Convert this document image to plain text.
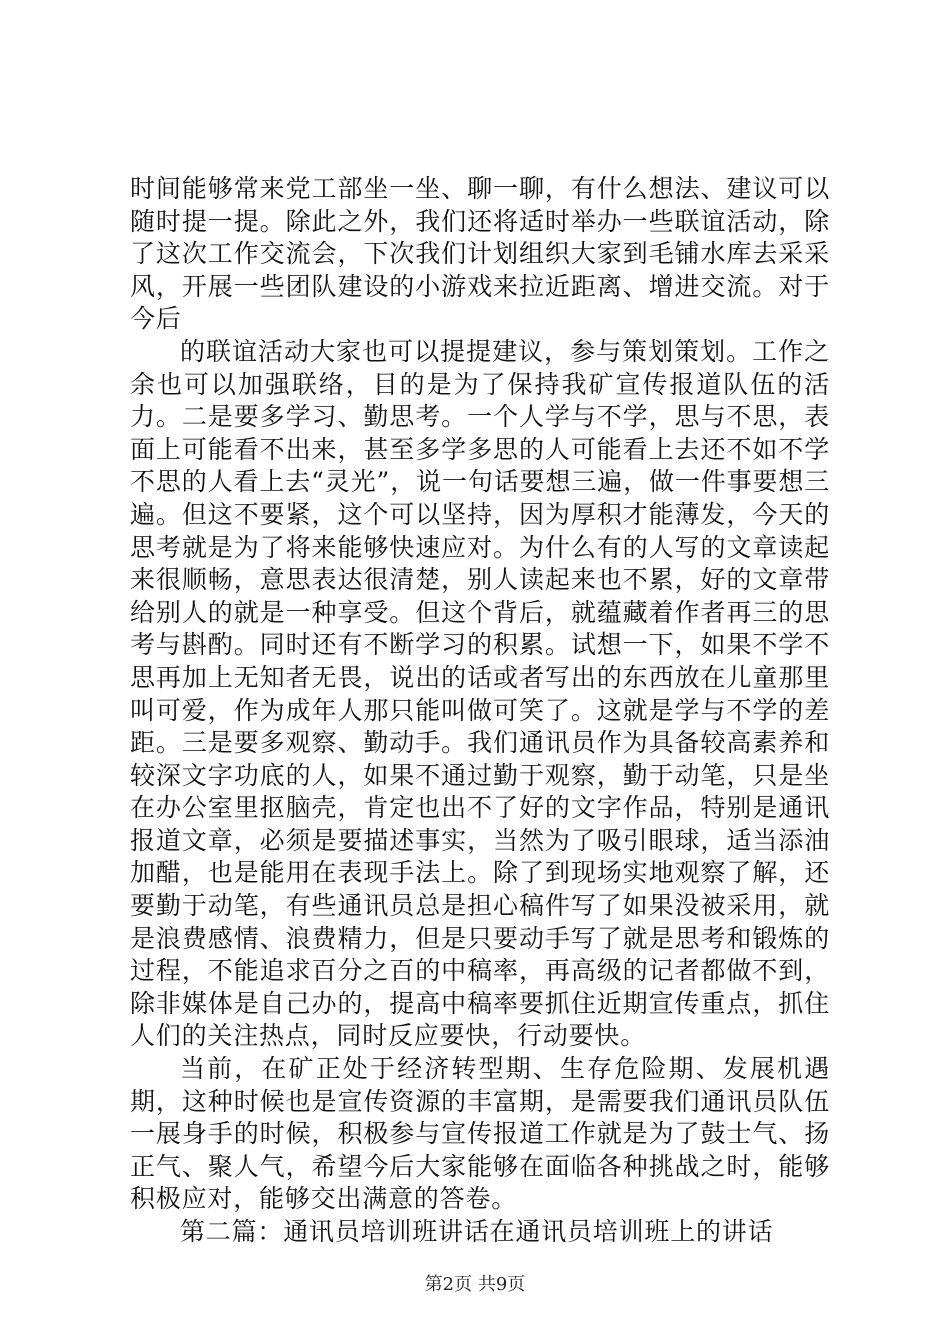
时间能够常来党工部坐一坐、聊一聊，有什么想法、建议可以随时提一提。除此之外，我们还将适时举办一些联谊活动，除了这次工作交流会，下次我们计划组织大家到毛铺水库去采采风，开展一些团队建设的小游戏来拉近距离、增进交流。对于今后

的联谊活动大家也可以提提建议，参与策划策划。工作之余也可以加强联络，目的是为了保持我矿宣传报道队伍的活力。二是要多学习、勤思考。一个人学与不学，思与不思，表面上可能看不出来，甚至多学多思的人可能看上去还不如不学不思的人看上去“灵光”，说一句话要想三遍，做一件事要想三遍。但这不要紧，这个可以坚持，因为厚积才能薄发，今天的思考就是为了将来能够快速应对。为什么有的人写的文章读起来很顺畅，意思表达很清楚，别人读起来也不累，好的文章带给别人的就是一种享受。但这个背后，就蕴藏着作者再三的思考与斟酌。同时还有不断学习的积累。试想一下，如果不学不思再加上无知者无畏，说出的话或者写出的东西放在儿童那里叫可爱，作为成年人那只能叫做可笑了。这就是学与不学的差距。三是要多观察、勤动手。我们通讯员作为具备较高素养和较深文字功底的人，如果不通过勤于观察，勤于动笔，只是坐在办公室里抠脑壳，肯定也出不了好的文字作品，特别是通讯报道文章，必须是要描述事实，当然为了吸引眼球，适当添油加醋，也是能用在表现手法上。除了到现场实地观察了解，还要勤于动笔，有些通讯员总是担心稿件写了如果没被采用，就是浪费感情、浪费精力，但是只要动手写了就是思考和锻炼的过程，不能追求百分之百的中稿率，再高级的记者都做不到，除非媒体是自己办的，提高中稿率要抓住近期宣传重点，抓住人们的关注热点，同时反应要快，行动要快。

当前，在矿正处于经济转型期、生存危险期、发展机遇期，这种时候也是宣传资源的丰富期，是需要我们通讯员队伍一展身手的时候，积极参与宣传报道工作就是为了鼓士气、扬正气、聚人气，希望今后大家能够在面临各种挑战之时，能够积极应对，能够交出满意的答卷。

第二篇：通讯员培训班讲话在通讯员培训班上的讲话

第2页 共9页
